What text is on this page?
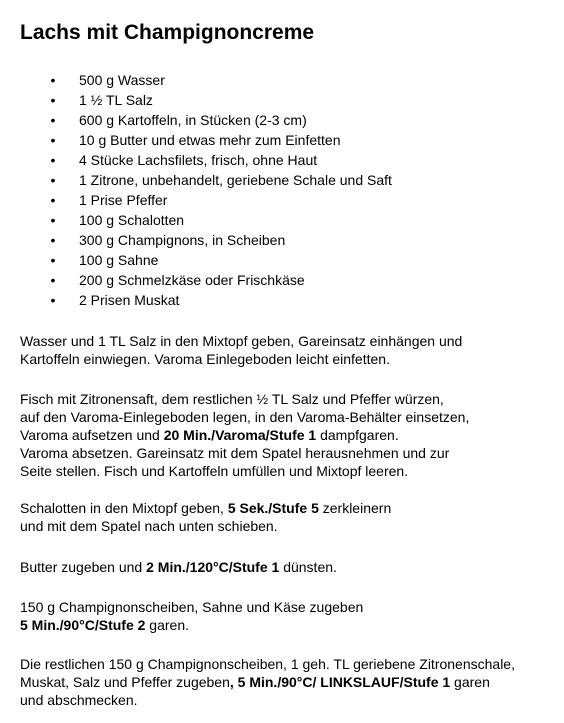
Lachs mit Champignoncreme
• 500 g Wasser
• 1 ½ TL Salz
• 600 g Kartoffeln, in Stücken (2-3 cm)
• 10 g Butter und etwas mehr zum Einfetten
• 4 Stücke Lachsfilets, frisch, ohne Haut
• 1 Zitrone, unbehandelt, geriebene Schale und Saft
• 1 Prise Pfeffer
• 100 g Schalotten
• 300 g Champignons, in Scheiben
• 100 g Sahne
• 200 g Schmelzkäse oder Frischkäse
• 2 Prisen Muskat

Wasser und 1 TL Salz in den Mixtopf geben, Gareinsatz einhängen und
Kartoffeln einwiegen. Varoma Einlegeboden leicht einfetten.

Fisch mit Zitronensaft, dem restlichen ½ TL Salz und Pfeffer würzen,
auf den Varoma-Einlegeboden legen, in den Varoma-Behälter einsetzen,
Varoma aufsetzen und 20 Min./Varoma/Stufe 1 dampfgaren.
Varoma absetzen. Gareinsatz mit dem Spatel herausnehmen und zur
Seite stellen. Fisch und Kartoffeln umfüllen und Mixtopf leeren.

Schalotten in den Mixtopf geben, 5 Sek./Stufe 5 zerkleinern
und mit dem Spatel nach unten schieben.

Butter zugeben und 2 Min./120°C/Stufe 1 dünsten.

150 g Champignonscheiben, Sahne und Käse zugeben
5 Min./90°C/Stufe 2 garen.

Die restlichen 150 g Champignonscheiben, 1 geh. TL geriebene Zitronenschale,
Muskat, Salz und Pfeffer zugeben, 5 Min./90°C/ LINKSLAUF/Stufe 1 garen
und abschmecken.
